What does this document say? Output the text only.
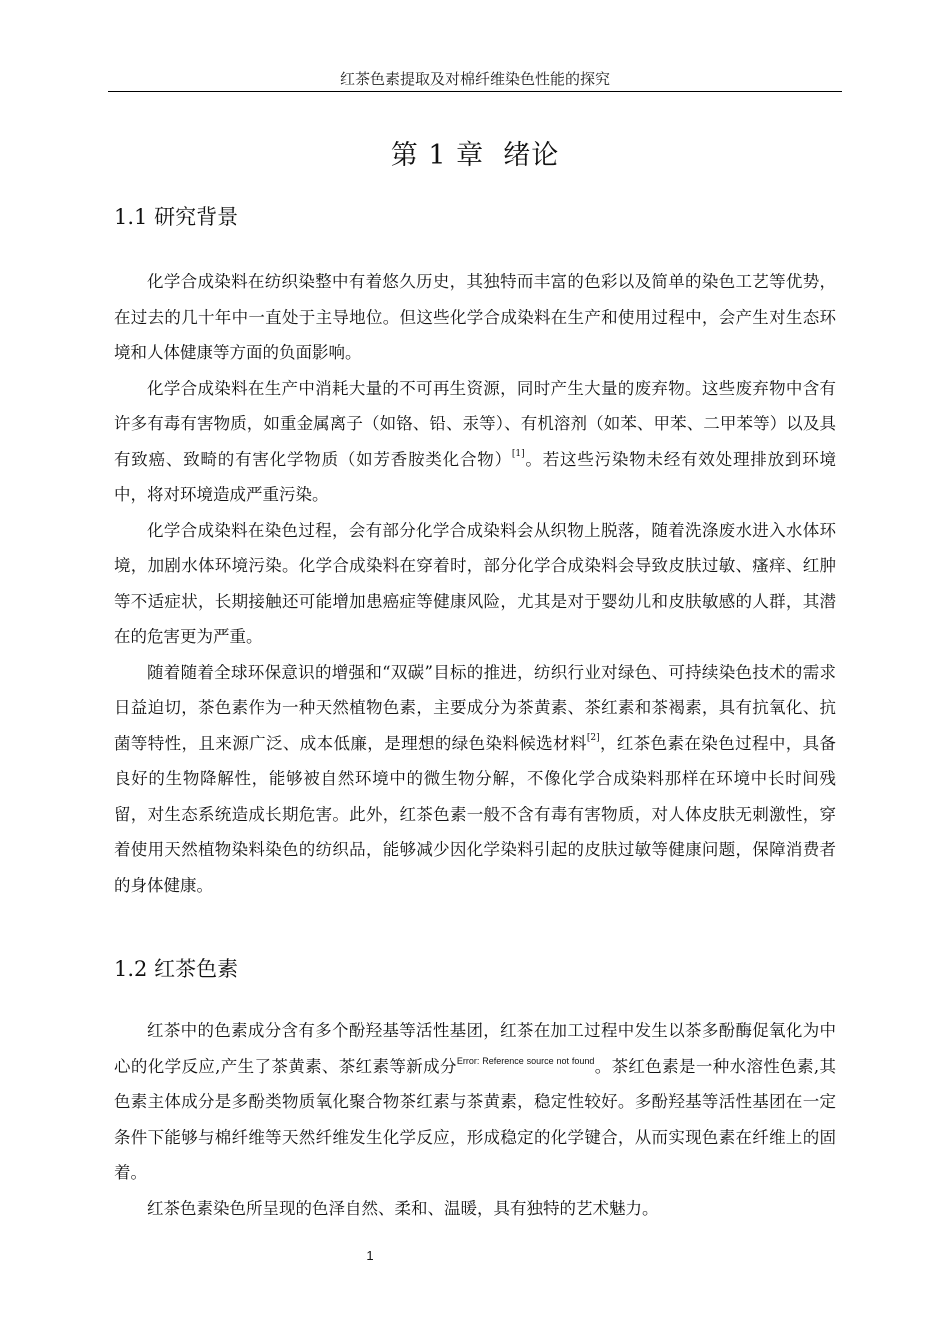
红茶色素提取及对棉纤维染色性能的探究
第 1 章  绪论
1.1 研究背景

化学合成染料在纺织染整中有着悠久历史，其独特而丰富的色彩以及简单的染色工艺等优势，在过去的几十年中一直处于主导地位。但这些化学合成染料在生产和使用过程中，会产生对生态环境和人体健康等方面的负面影响。

化学合成染料在生产中消耗大量的不可再生资源，同时产生大量的废弃物。这些废弃物中含有许多有毒有害物质，如重金属离子（如铬、铅、汞等）、有机溶剂（如苯、甲苯、二甲苯等）以及具有致癌、致畸的有害化学物质（如芳香胺类化合物）[1]。若这些污染物未经有效处理排放到环境中，将对环境造成严重污染。

化学合成染料在染色过程，会有部分化学合成染料会从织物上脱落，随着洗涤废水进入水体环境，加剧水体环境污染。化学合成染料在穿着时，部分化学合成染料会导致皮肤过敏、瘙痒、红肿等不适症状，长期接触还可能增加患癌症等健康风险，尤其是对于婴幼儿和皮肤敏感的人群，其潜在的危害更为严重。

随着随着全球环保意识的增强和“双碳”目标的推进，纺织行业对绿色、可持续染色技术的需求日益迫切，茶色素作为一种天然植物色素，主要成分为茶黄素、茶红素和茶褐素，具有抗氧化、抗菌等特性，且来源广泛、成本低廉，是理想的绿色染料候选材料[2]，红茶色素在染色过程中，具备良好的生物降解性，能够被自然环境中的微生物分解，不像化学合成染料那样在环境中长时间残留，对生态系统造成长期危害。此外，红茶色素一般不含有毒有害物质，对人体皮肤无刺激性，穿着使用天然植物染料染色的纺织品，能够减少因化学染料引起的皮肤过敏等健康问题，保障消费者的身体健康。

1.2 红茶色素

红茶中的色素成分含有多个酚羟基等活性基团，红茶在加工过程中发生以茶多酚酶促氧化为中心的化学反应,产生了茶黄素、茶红素等新成分$^{Error: Reference source not found}$。茶红色素是一种水溶性色素,其色素主体成分是多酚类物质氧化聚合物茶红素与茶黄素，稳定性较好。多酚羟基等活性基团在一定条件下能够与棉纤维等天然纤维发生化学反应，形成稳定的化学键合，从而实现色素在纤维上的固着。

红茶色素染色所呈现的色泽自然、柔和、温暖，具有独特的艺术魅力。

1
